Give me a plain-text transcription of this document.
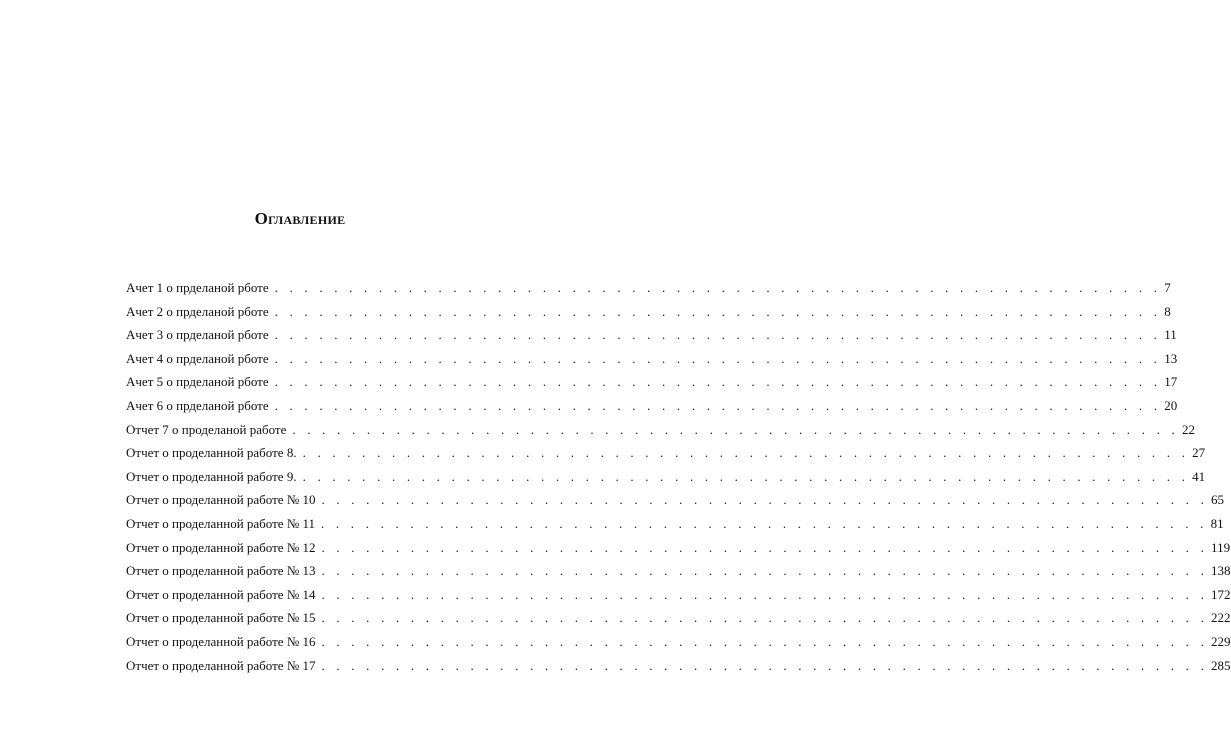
Оглавление
Ачет 1 о прделаной рботе . . . . . . . . . . . . . . . . . . . . . . . . . . . . . . . . . . . . . . . . . . . . . . . . . . . . . . . . . . . . 7
Ачет 2 о прделаной рботе . . . . . . . . . . . . . . . . . . . . . . . . . . . . . . . . . . . . . . . . . . . . . . . . . . . . . . . . . . . . 8
Ачет 3 о прделаной рботе . . . . . . . . . . . . . . . . . . . . . . . . . . . . . . . . . . . . . . . . . . . . . . . . . . . . . . . . . . . . 11
Ачет 4 о прделаной рботе . . . . . . . . . . . . . . . . . . . . . . . . . . . . . . . . . . . . . . . . . . . . . . . . . . . . . . . . . . . . 13
Ачет 5 о прделаной рботе . . . . . . . . . . . . . . . . . . . . . . . . . . . . . . . . . . . . . . . . . . . . . . . . . . . . . . . . . . . . 17
Ачет 6 о прделаной рботе . . . . . . . . . . . . . . . . . . . . . . . . . . . . . . . . . . . . . . . . . . . . . . . . . . . . . . . . . . . . 20
Отчет 7 о проделаной работе . . . . . . . . . . . . . . . . . . . . . . . . . . . . . . . . . . . . . . . . . . . . . . . . . . . . . . . . . . . . 22
Отчет о проделанной работе 8. . . . . . . . . . . . . . . . . . . . . . . . . . . . . . . . . . . . . . . . . . . . . . . . . . . . . . . . . . . . . 27
Отчет о проделанной работе 9. . . . . . . . . . . . . . . . . . . . . . . . . . . . . . . . . . . . . . . . . . . . . . . . . . . . . . . . . . . . . 41
Отчет о проделанной работе № 10 . . . . . . . . . . . . . . . . . . . . . . . . . . . . . . . . . . . . . . . . . . . . . . . . . . . . . . . . . . . . 65
Отчет о проделанной работе № 11 . . . . . . . . . . . . . . . . . . . . . . . . . . . . . . . . . . . . . . . . . . . . . . . . . . . . . . . . . . . . 81
Отчет о проделанной работе № 12 . . . . . . . . . . . . . . . . . . . . . . . . . . . . . . . . . . . . . . . . . . . . . . . . . . . . . . . . . . . . 119
Отчет о проделанной работе № 13 . . . . . . . . . . . . . . . . . . . . . . . . . . . . . . . . . . . . . . . . . . . . . . . . . . . . . . . . . . . . 138
Отчет о проделанной работе № 14 . . . . . . . . . . . . . . . . . . . . . . . . . . . . . . . . . . . . . . . . . . . . . . . . . . . . . . . . . . . . 172
Отчет о проделанной работе № 15 . . . . . . . . . . . . . . . . . . . . . . . . . . . . . . . . . . . . . . . . . . . . . . . . . . . . . . . . . . . . 222
Отчет о проделанной работе № 16 . . . . . . . . . . . . . . . . . . . . . . . . . . . . . . . . . . . . . . . . . . . . . . . . . . . . . . . . . . . . 229
Отчет о проделанной работе № 17 . . . . . . . . . . . . . . . . . . . . . . . . . . . . . . . . . . . . . . . . . . . . . . . . . . . . . . . . . . . . 285
